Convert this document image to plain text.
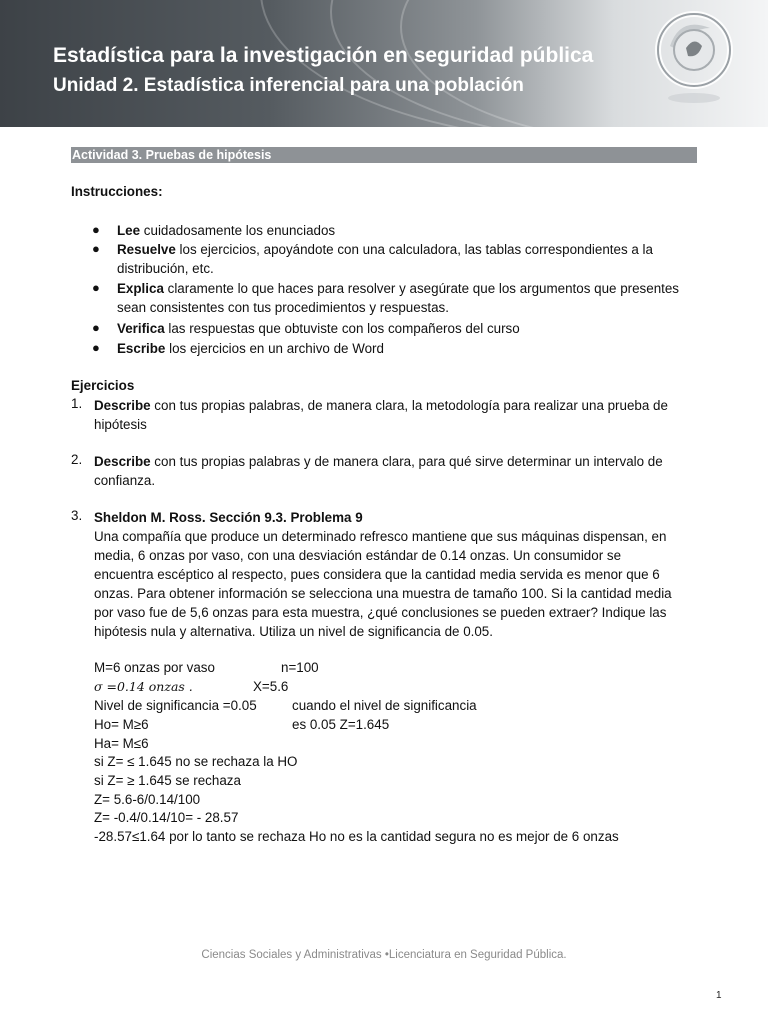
Estadística para la investigación en seguridad pública
Unidad 2. Estadística inferencial para una población
Actividad 3. Pruebas de hipótesis
Instrucciones:
● Lee cuidadosamente los enunciados
● Resuelve los ejercicios, apoyándote con una calculadora, las tablas correspondientes a la
distribución, etc.
● Explica claramente lo que haces para resolver y asegúrate que los argumentos que presentes
sean consistentes con tus procedimientos y respuestas.
● Verifica las respuestas que obtuviste con los compañeros del curso
● Escribe los ejercicios en un archivo de Word
Ejercicios
1. Describe con tus propias palabras, de manera clara, la metodología para realizar una prueba de
hipótesis
2. Describe con tus propias palabras y de manera clara, para qué sirve determinar un intervalo de
confianza.
3. Sheldon M. Ross. Sección 9.3. Problema 9
Una compañía que produce un determinado refresco mantiene que sus máquinas dispensan, en
media, 6 onzas por vaso, con una desviación estándar de 0.14 onzas. Un consumidor se
encuentra escéptico al respecto, pues considera que la cantidad media servida es menor que 6
onzas. Para obtener información se selecciona una muestra de tamaño 100. Si la cantidad media
por vaso fue de 5,6 onzas para esta muestra, ¿qué conclusiones se pueden extraer? Indique las
hipótesis nula y alternativa. Utiliza un nivel de significancia de 0.05.
M=6 onzas por vaso	n=100
σ =0.14 onzas .	X=5.6
Nivel de significancia =0.05	cuando el nivel de significancia
Ho= M≥6	es 0.05 Z=1.645
Ha= M≤6
si Z= ≤ 1.645 no se rechaza la HO
si Z= ≥ 1.645 se rechaza
Z= 5.6-6/0.14/100
Z= -0.4/0.14/10= - 28.57
-28.57≤1.64 por lo tanto se rechaza Ho no es la cantidad segura no es mejor de 6 onzas
Ciencias Sociales y Administrativas •Licenciatura en Seguridad Pública.
1
